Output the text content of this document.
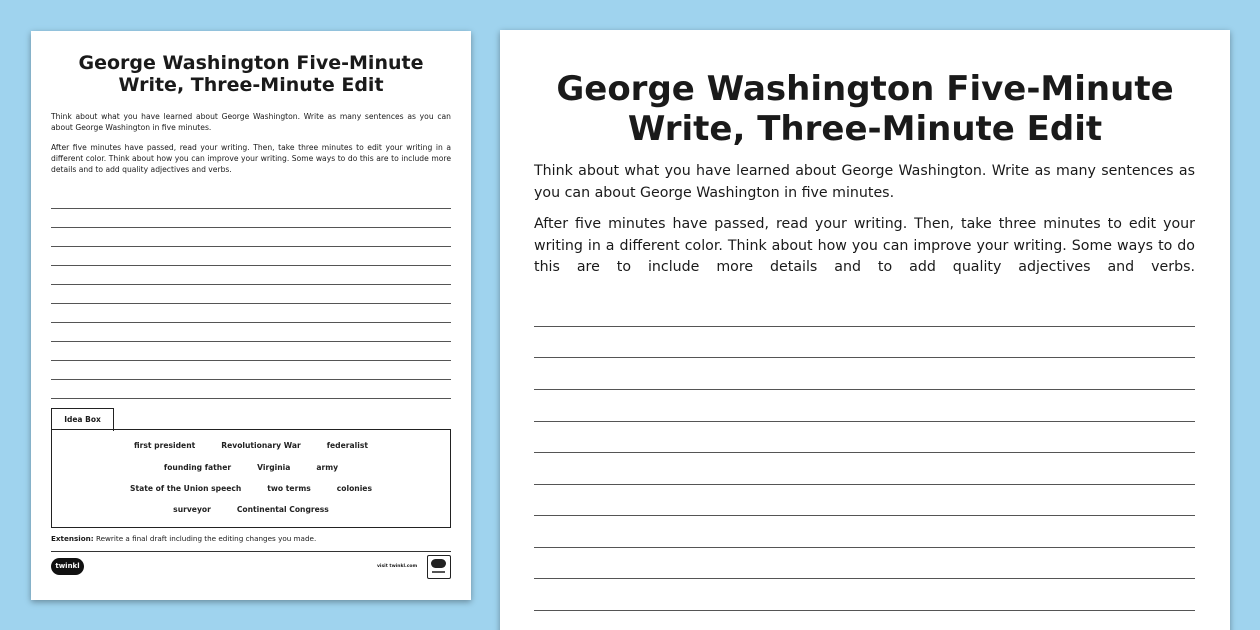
George Washington Five-Minute
Write, Three-Minute Edit
Think about what you have learned about George Washington. Write as many sentences as you can about George Washington in five minutes.
After five minutes have passed, read your writing. Then, take three minutes to edit your writing in a different color. Think about how you can improve your writing. Some ways to do this are to include more details and to add quality adjectives and verbs.
Idea Box
first president	Revolutionary War	federalist
founding father	Virginia	army
State of the Union speech	two terms	colonies
surveyor	Continental Congress
Extension: Rewrite a final draft including the editing changes you made.
twinkl	visit twinkl.com
George Washington Five-Minute
Write, Three-Minute Edit
Think about what you have learned about George Washington. Write as many sentences as you can about George Washington in five minutes.
After five minutes have passed, read your writing. Then, take three minutes to edit your writing in a different color. Think about how you can improve your writing. Some ways to do this are to include more details and to add quality adjectives and verbs.
